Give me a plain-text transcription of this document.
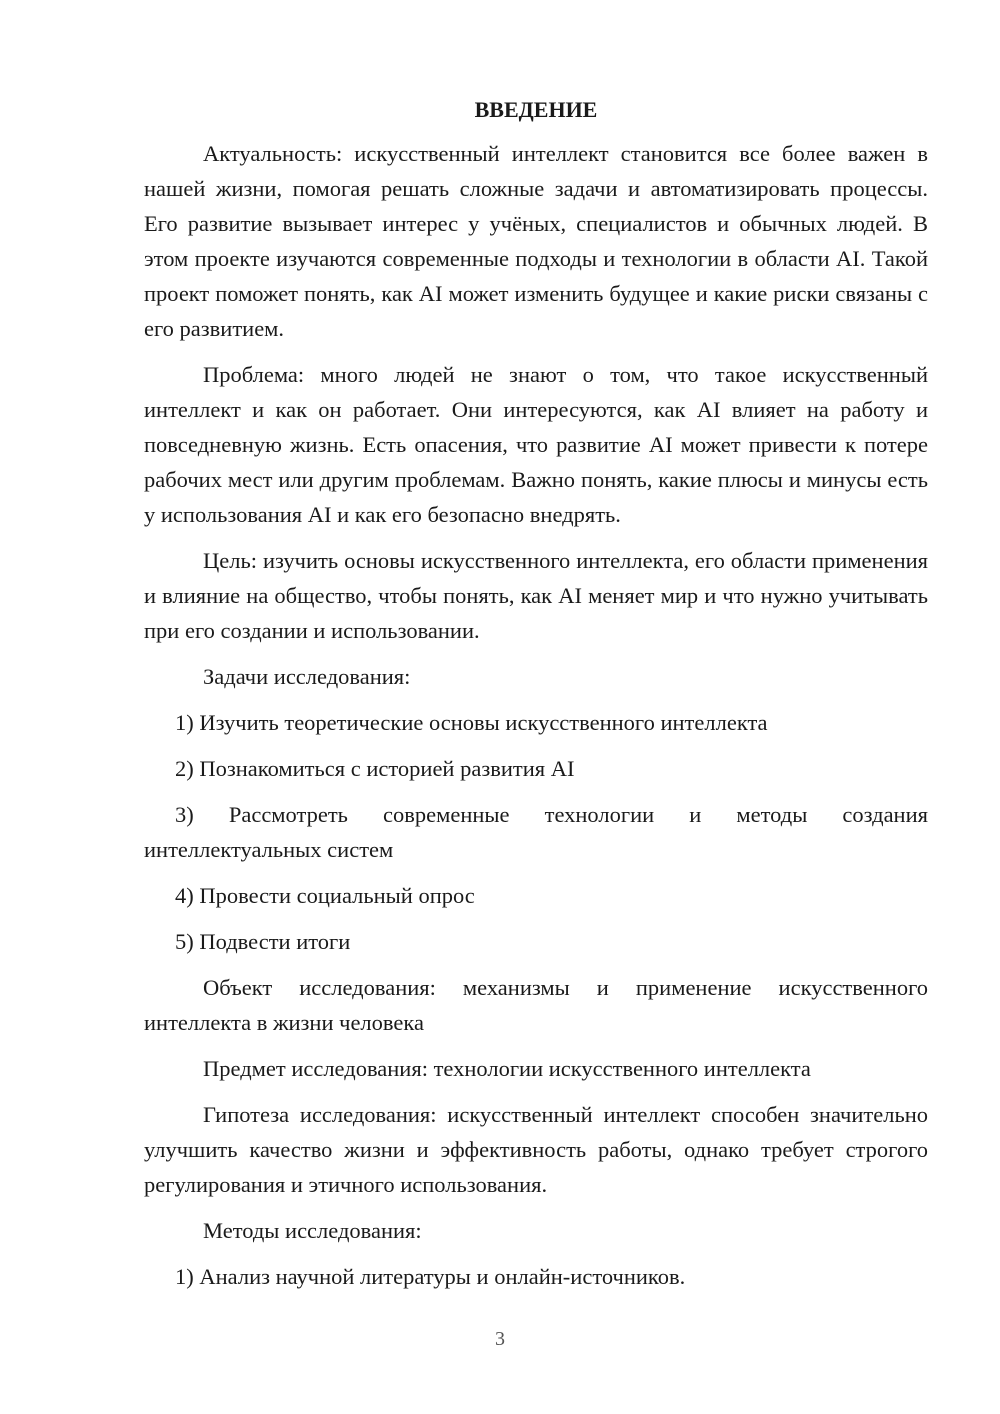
ВВЕДЕНИЕ

Актуальность: искусственный интеллект становится все более важен в нашей жизни, помогая решать сложные задачи и автоматизировать процессы. Его развитие вызывает интерес у учёных, специалистов и обычных людей. В этом проекте изучаются современные подходы и технологии в области AI. Такой проект поможет понять, как AI может изменить будущее и какие риски связаны с его развитием.

Проблема: много людей не знают о том, что такое искусственный интеллект и как он работает. Они интересуются, как AI влияет на работу и повседневную жизнь. Есть опасения, что развитие AI может привести к потере рабочих мест или другим проблемам. Важно понять, какие плюсы и минусы есть у использования AI и как его безопасно внедрять.

Цель: изучить основы искусственного интеллекта, его области применения и влияние на общество, чтобы понять, как AI меняет мир и что нужно учитывать при его создании и использовании.

Задачи исследования:

1) Изучить теоретические основы искусственного интеллекта

2) Познакомиться с историей развития AI

3) Рассмотреть современные технологии и методы создания интеллектуальных систем

4) Провести социальный опрос

5) Подвести итоги

Объект исследования: механизмы и применение искусственного интеллекта в жизни человека

Предмет исследования: технологии искусственного интеллекта

Гипотеза исследования: искусственный интеллект способен значительно улучшить качество жизни и эффективность работы, однако требует строгого регулирования и этичного использования.

Методы исследования:

1) Анализ научной литературы и онлайн-источников.

3
